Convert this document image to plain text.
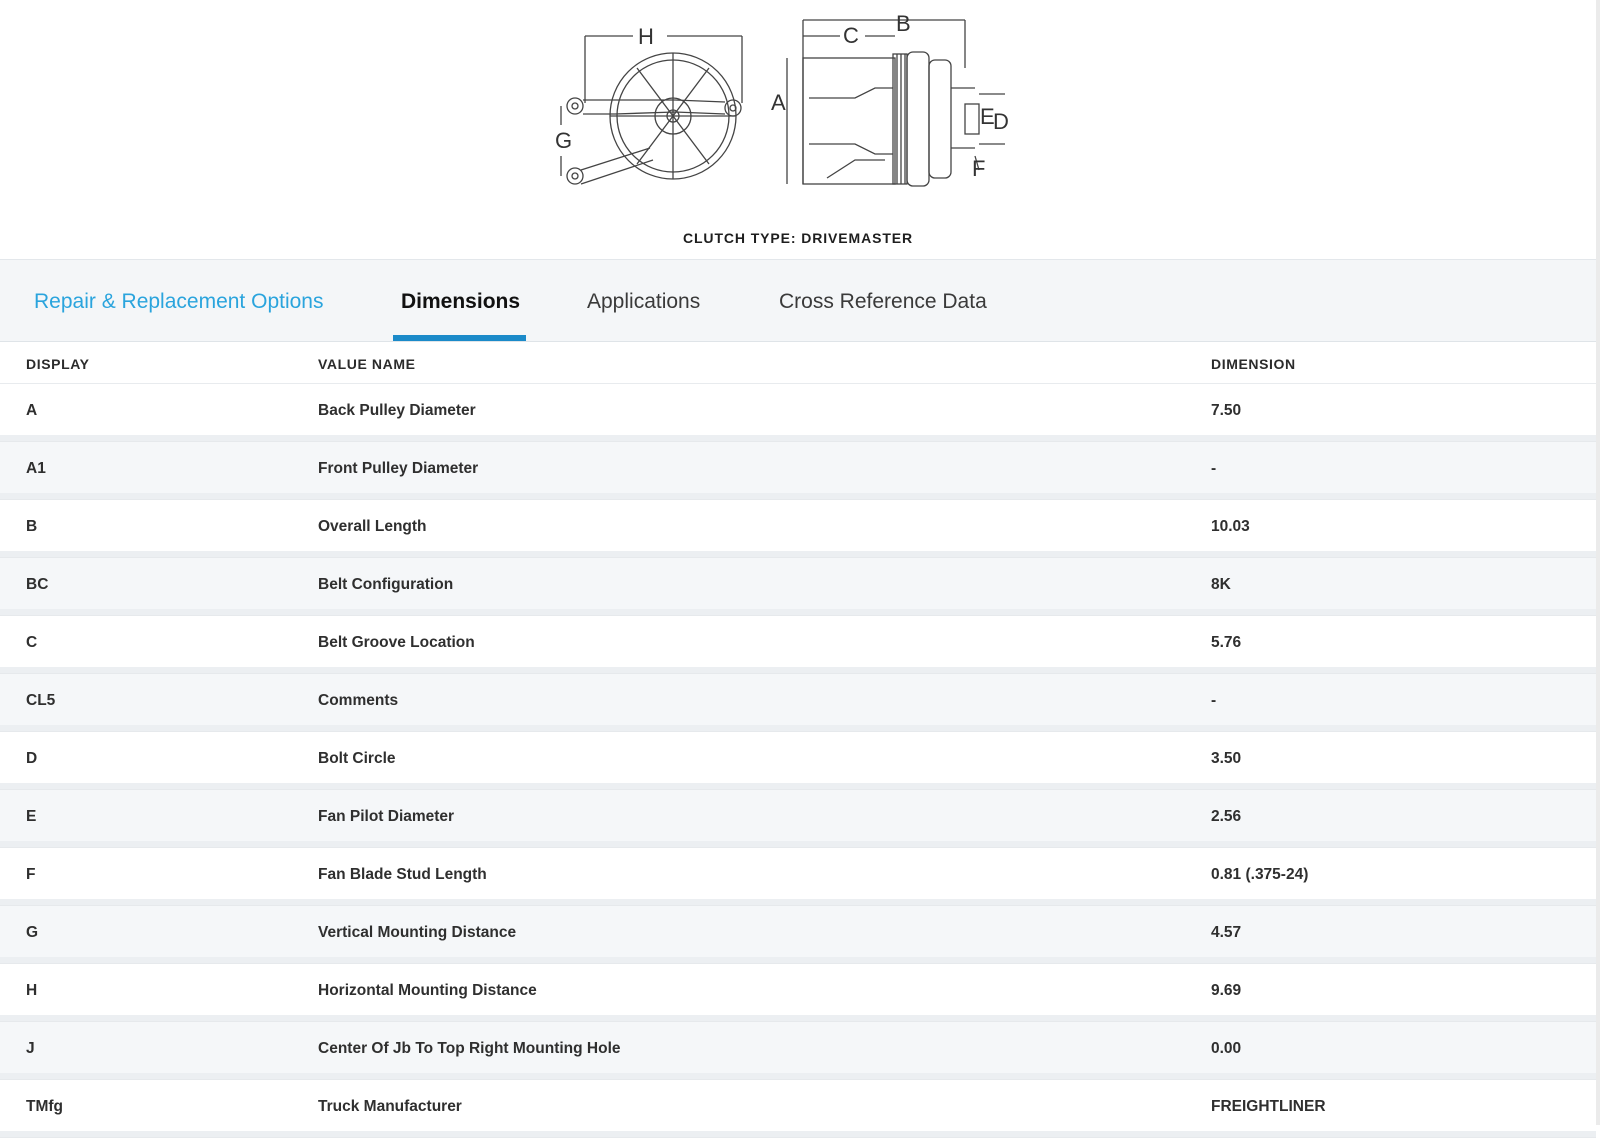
H
G
C B
A
E
D
F
CLUTCH TYPE: DRIVEMASTER
Repair & Replacement Options	Dimensions	Applications	Cross Reference Data
DISPLAY	VALUE NAME	DIMENSION
A	Back Pulley Diameter	7.50
A1	Front Pulley Diameter	-
B	Overall Length	10.03
BC	Belt Configuration	8K
C	Belt Groove Location	5.76
CL5	Comments	-
D	Bolt Circle	3.50
E	Fan Pilot Diameter	2.56
F	Fan Blade Stud Length	0.81 (.375-24)
G	Vertical Mounting Distance	4.57
H	Horizontal Mounting Distance	9.69
J	Center Of Jb To Top Right Mounting Hole	0.00
TMfg	Truck Manufacturer	FREIGHTLINER
